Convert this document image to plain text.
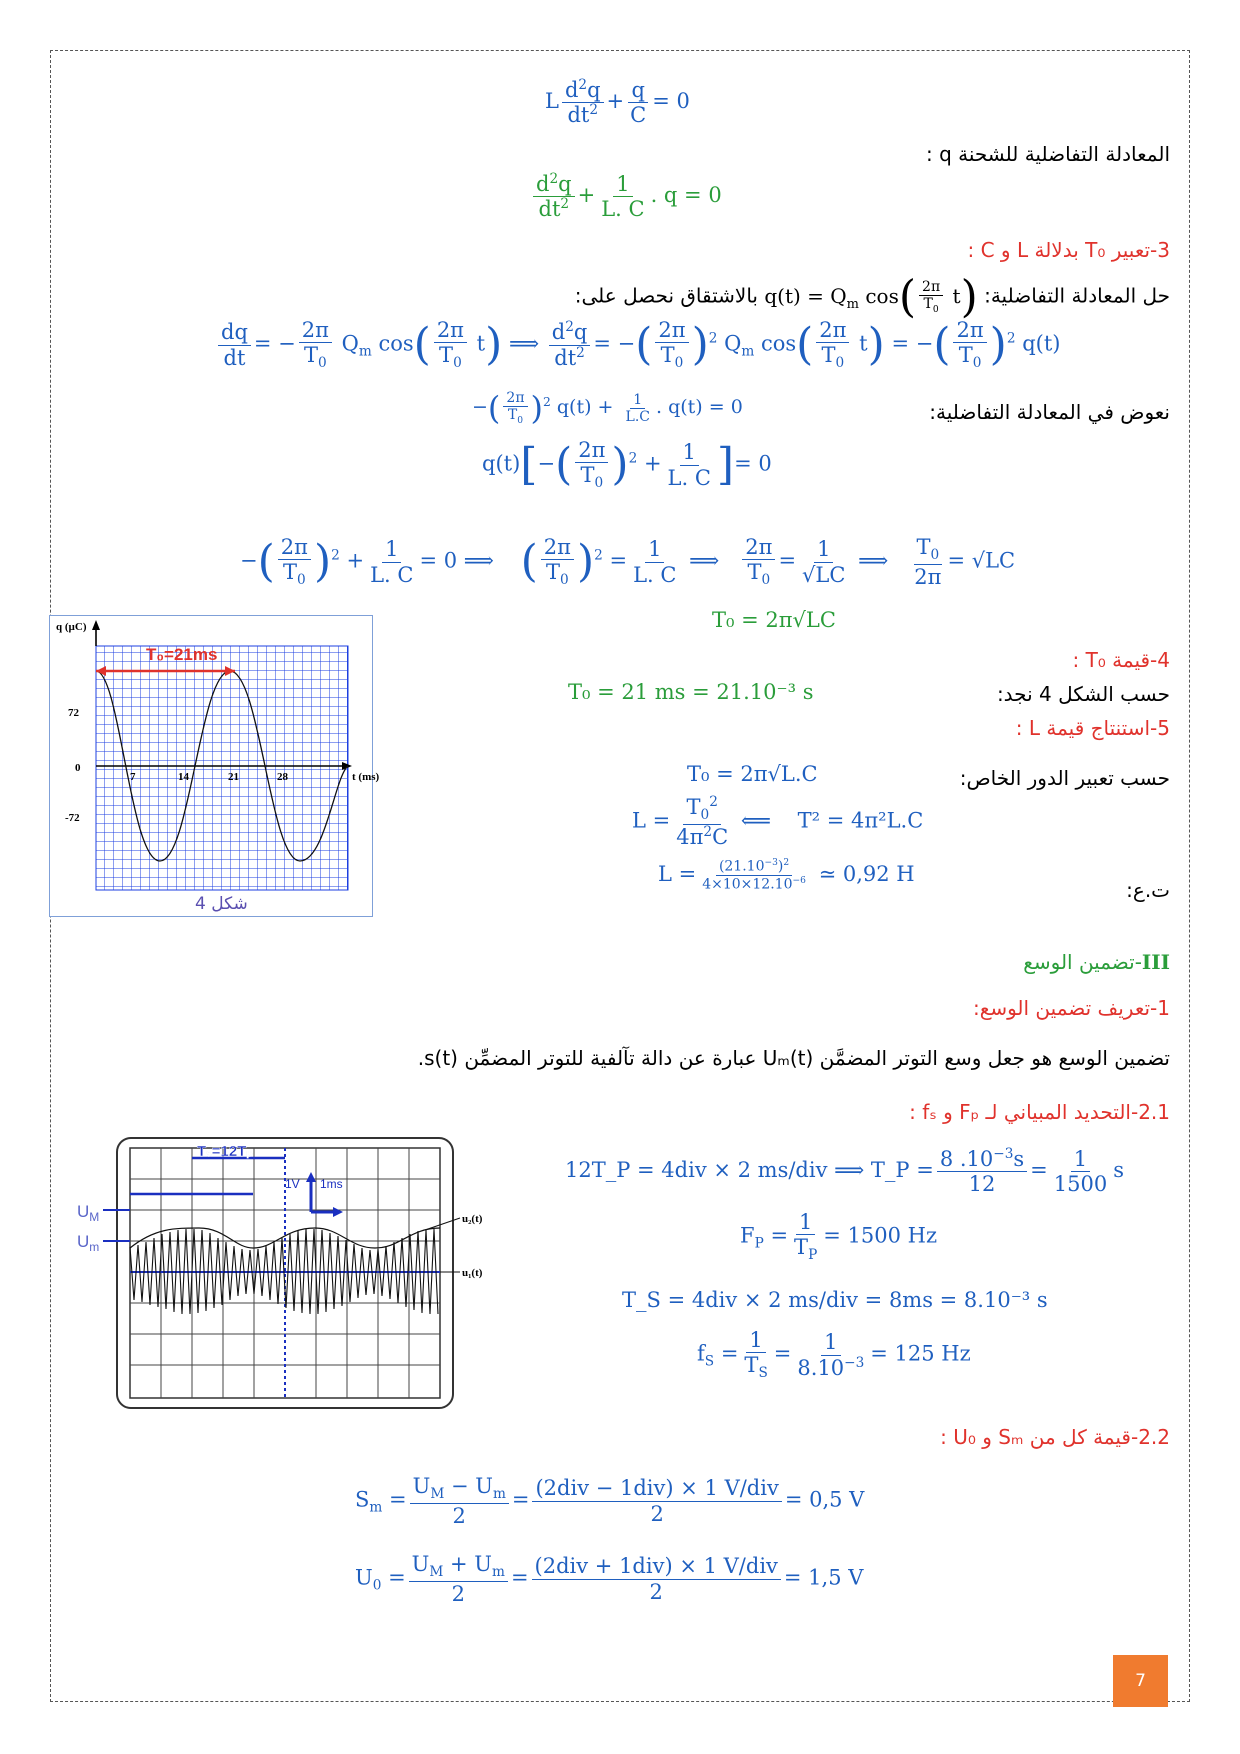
L $\frac{d^2q}{dt^2} + \frac{q}{C} = 0$
المعادلة التفاضلية للشحنة q :
$\frac{d^2q}{dt^2} + \frac{1}{L. C}$ . q = 0
3-تعبير T₀ بدلالة L و C :
حل المعادلة التفاضلية: $q(t) = Q_m$ $\cos( \frac{2\pi}{T_0} t)$ بالاشتقاق نحصل على:
$\frac{dq}{dt}$ = − $\frac{2\pi}{T_0} Q_m$ $\cos( \frac{2\pi}{T_0} t)$ ⟹ $\frac{d^2q}{dt^2}$ = −( $\frac{2\pi}{T_0} )^2$ $Q_m$ $\cos( \frac{2\pi}{T_0} t)$ = −( $\frac{2\pi}{T_0} )^2$ q(t)
نعوض في المعادلة التفاضلية:
−( $\frac{2\pi}{T_0} )^2$ $q(t) + \frac{1}{L.C}$ . q(t) = 0
$q(t)[-( \frac{2\pi}{T_0} )^2 + \frac{1}{L. C}$ ]= 0
−( $\frac{2\pi}{T_0} )^2 + \frac{1}{L. C} = 0$ ⟹    ( $\frac{2\pi}{T_0} )^2 = \frac{1}{L. C}$ ⟹ $\frac{2\pi}{T_0} = \frac{1}{√LC}$ ⟹ $\frac{T_0}{2\pi} = √LC$
T₀ = 2π√LC
T₀=21ms
q (µC)
t (ms)
72
0
-72
7	14	21	28
شكل 4
4-قيمة T₀ :
حسب الشكل 4 نجد:
T₀ = 21 ms = 21.10⁻³ s
5-استنتاج قيمة L :
حسب تعبير الدور الخاص:
T₀ = 2π√L.C
$L = \frac{T_0^2}{4\pi^2C}$ ⟸    T² = 4π²L.C
ت.ع:
$L = \frac{(21.10^{-3})^2}{4\times 10\times 12.10^{-6}}$ ≃ 0,92 H
III-تضمين الوسع
1-تعريف تضمين الوسع:
تضمين الوسع هو جعل وسع التوتر المضمَّن Uₘ(t) عبارة عن دالة تآلفية للتوتر المضمِّن s(t).
2.1-التحديد المبياني لـ Fₚ و fₛ :
Tₛ=12Tₚ
1V 1ms
$U_M$
$U_m$
u₂(t)
u₁(t)
12T_P = 4div × 2 ms/div ⟹ T_P = $\frac{8 .10^{-3}s}{12} = \frac{1}{1500}$ s
$F_P = \frac{1}{T_P} = 1500$ Hz
T_S = 4div × 2 ms/div = 8ms = 8.10⁻³ s
$f_S = \frac{1}{T_S} = \frac{1}{8.10^{-3}} = 125$ Hz
2.2-قيمة كل من Sₘ و U₀ :
$S_m = \frac{U_M - U_m}{2} = \frac{\text{(2div − 1div) × 1 V/div}}{2} = 0,5$ V
$U_0 = \frac{U_M + U_m}{2} = \frac{\text{(2div + 1div) × 1 V/div}}{2} = 1,5$ V
7
